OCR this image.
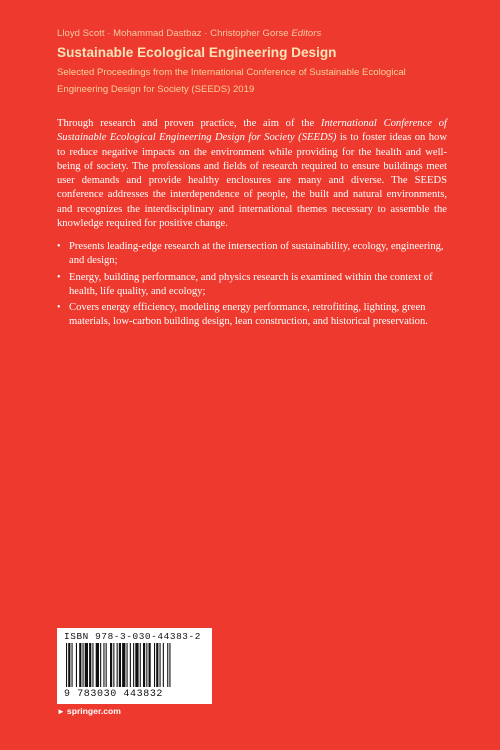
Lloyd Scott · Mohammad Dastbaz · Christopher Gorse Editors
Sustainable Ecological Engineering Design
Selected Proceedings from the International Conference of Sustainable Ecological Engineering Design for Society (SEEDS) 2019

Through research and proven practice, the aim of the International Conference of Sustainable Ecological Engineering Design for Society (SEEDS) is to foster ideas on how to reduce negative impacts on the environment while providing for the health and well-being of society. The professions and fields of research required to ensure buildings meet user demands and provide healthy enclosures are many and diverse. The SEEDS conference addresses the interdependence of people, the built and natural environments, and recognizes the interdisciplinary and international themes necessary to assemble the knowledge required for positive change.

• Presents leading-edge research at the intersection of sustainability, ecology, engineering, and design;
• Energy, building performance, and physics research is examined within the context of health, life quality, and ecology;
• Covers energy efficiency, modeling energy performance, retrofitting, lighting, green materials, low-carbon building design, lean construction, and historical preservation.
ISBN 978-3-030-44383-2
9 783030 443832
► springer.com
